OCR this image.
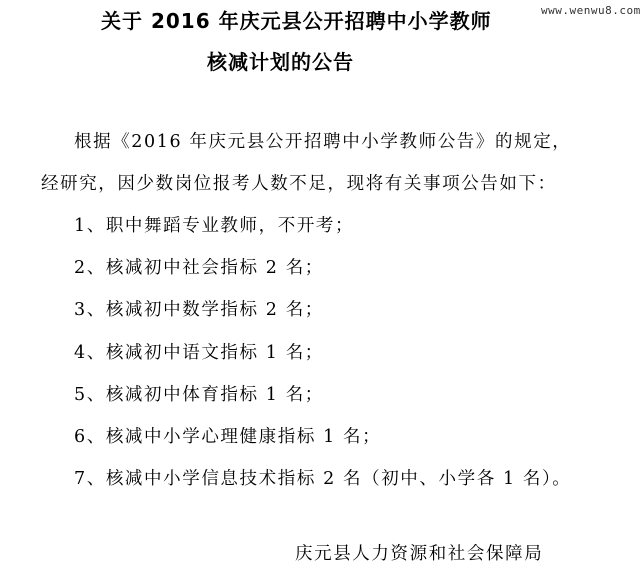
www.wenwu8.com
关于 2016 年庆元县公开招聘中小学教师
核减计划的公告
根据《2016 年庆元县公开招聘中小学教师公告》的规定，
经研究，因少数岗位报考人数不足，现将有关事项公告如下：
1、职中舞蹈专业教师，不开考；
2、核减初中社会指标 2 名；
3、核减初中数学指标 2 名；
4、核减初中语文指标 1 名；
5、核减初中体育指标 1 名；
6、核减中小学心理健康指标 1 名；
7、核减中小学信息技术指标 2 名（初中、小学各 1 名）。
庆元县人力资源和社会保障局
